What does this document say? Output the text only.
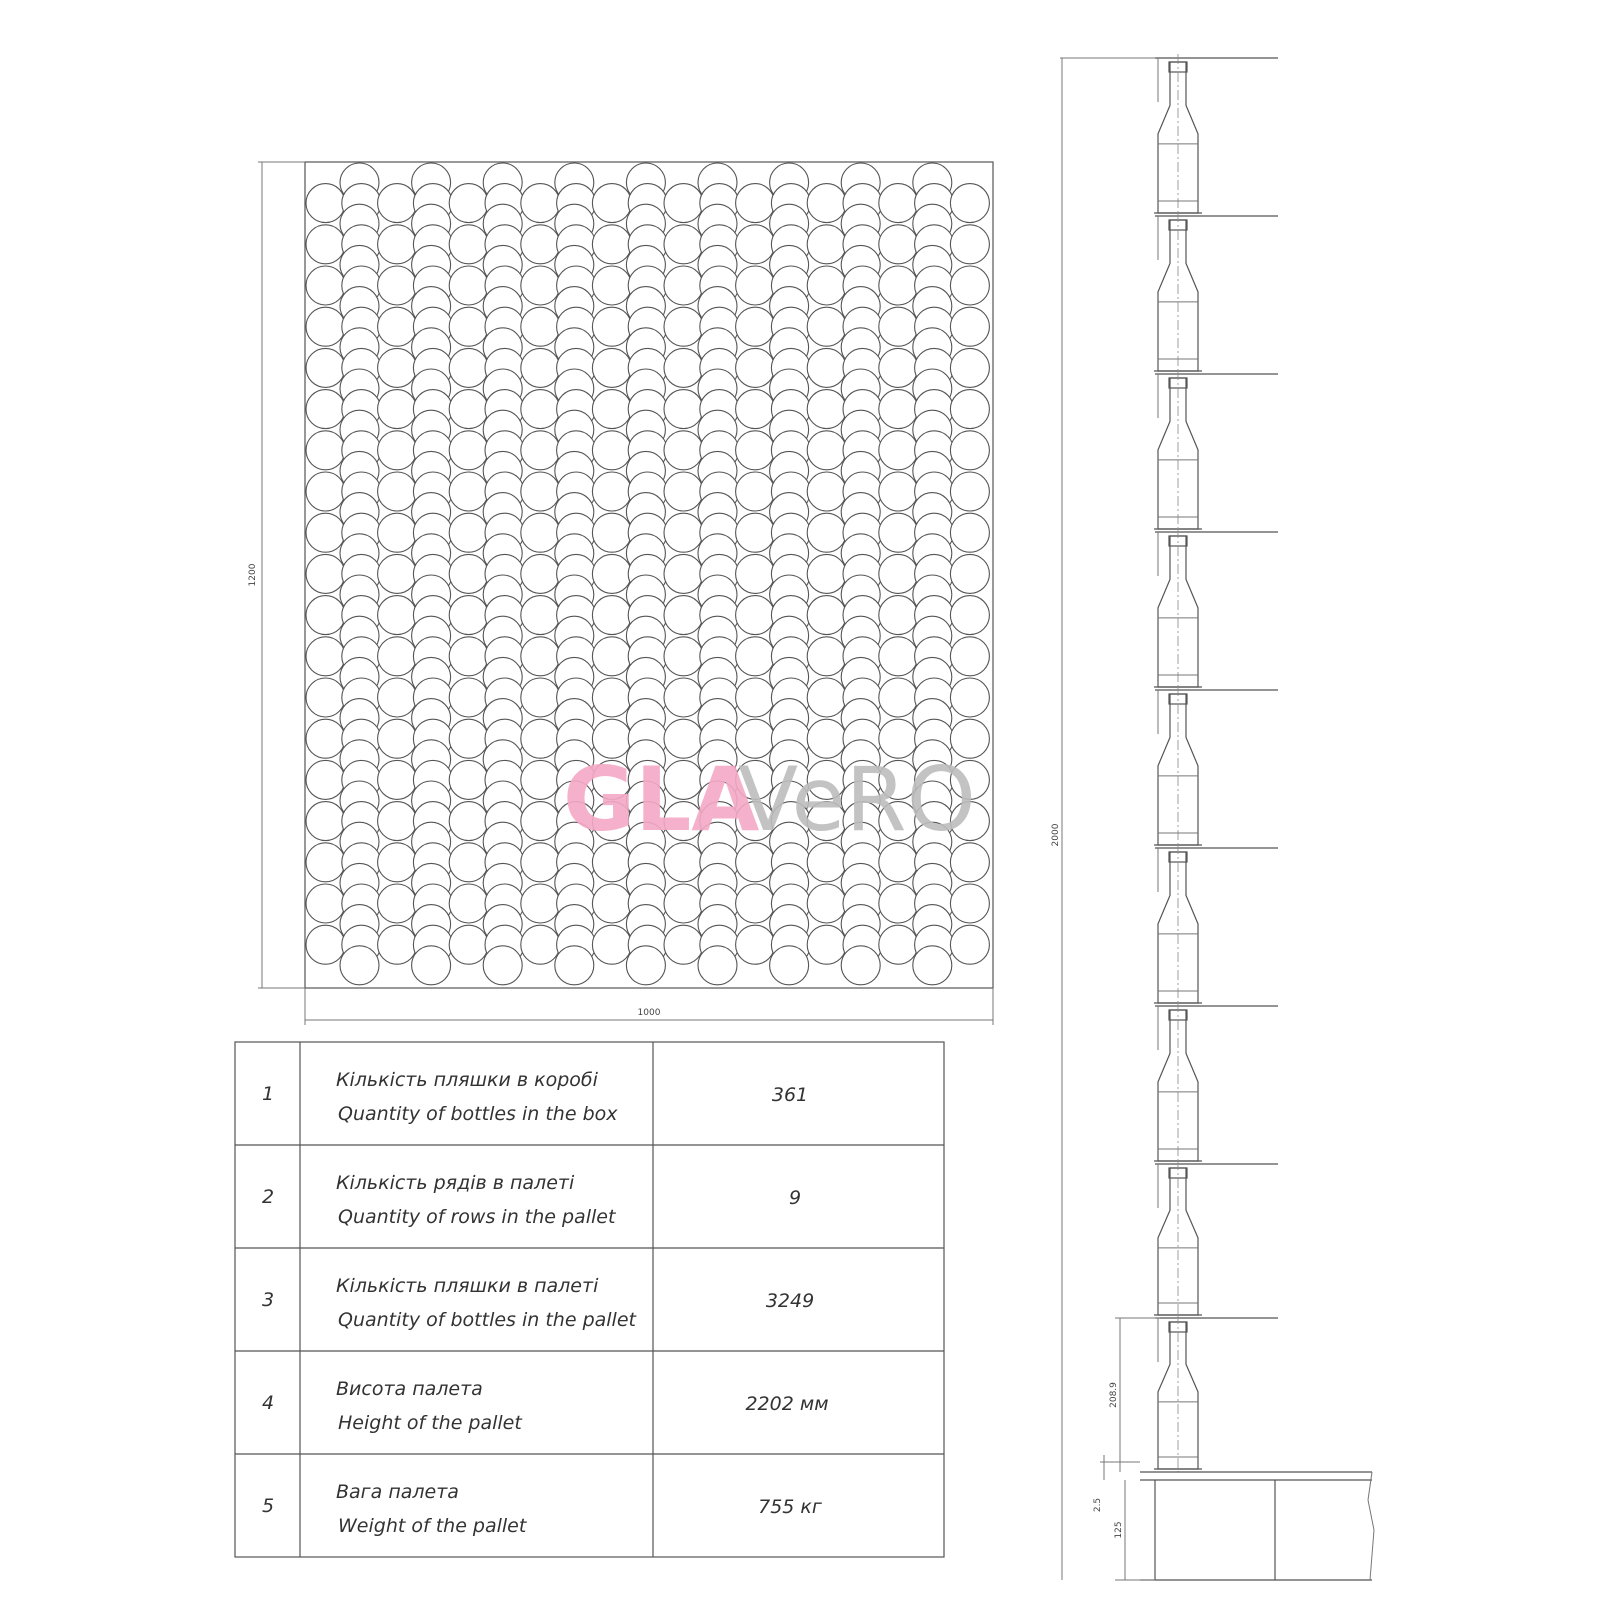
1200
1000
GLA
VeRO
1
Кількість пляшки в коробі
Quantity of bottles in the box
361
2
Кількість рядів в палеті
Quantity of rows in the pallet
9
3
Кількість пляшки в палеті
Quantity of bottles in the pallet
3249
4
Висота палета
Height of the pallet
2202 мм
5
Вага палета
Weight of the pallet
755 кг
2000
208.9
2.5
125
